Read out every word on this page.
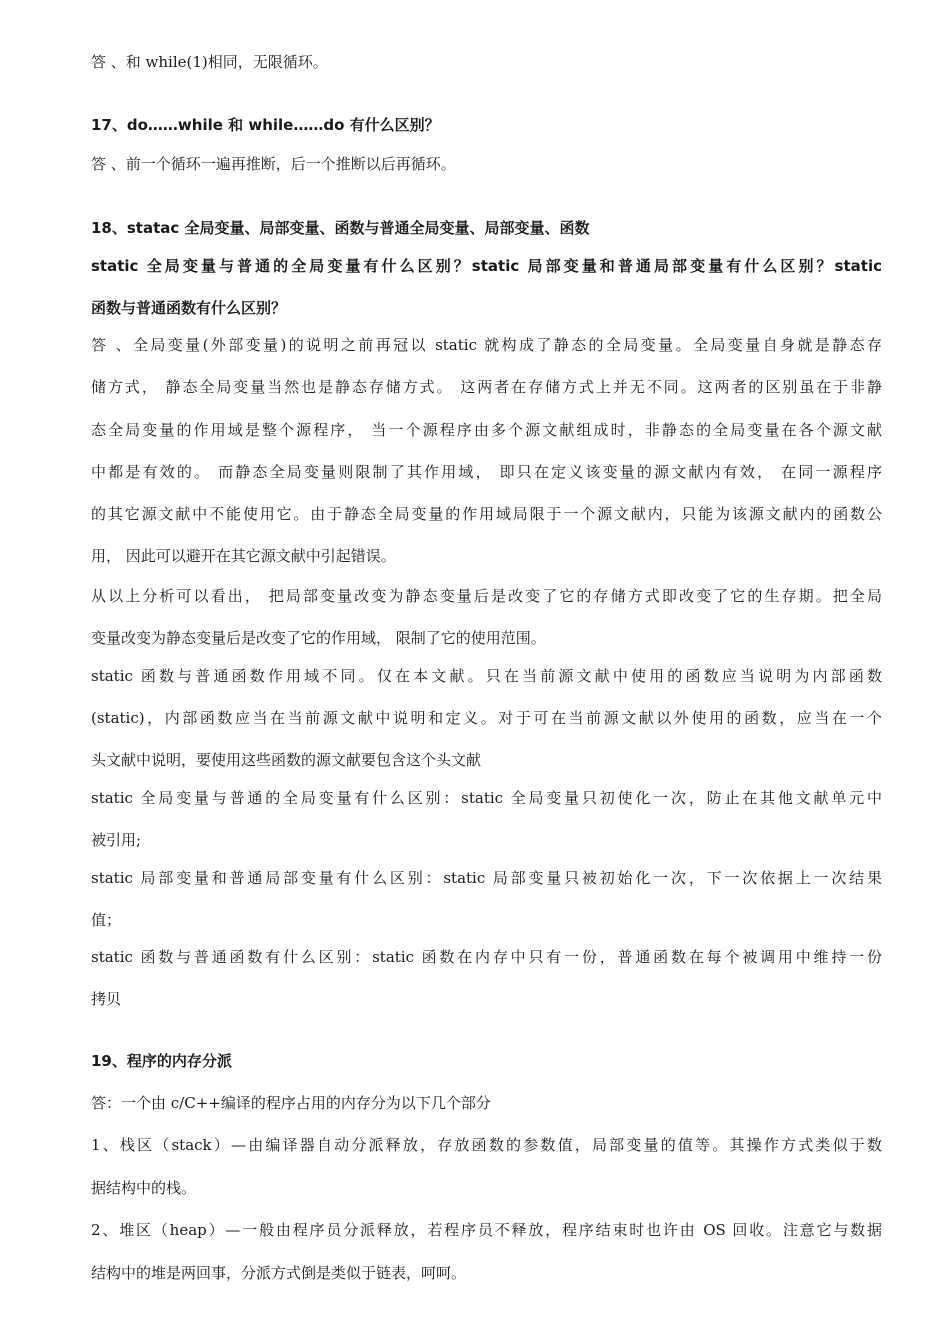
答 、和 while(1)相同，无限循环。
17、do……while 和 while……do 有什么区别？
答 、前一个循环一遍再推断，后一个推断以后再循环。
18、statac 全局变量、局部变量、函数与普通全局变量、局部变量、函数
static 全局变量与普通的全局变量有什么区别？static 局部变量和普通局部变量有什么区别？static
函数与普通函数有什么区别？
答 、全局变量(外部变量)的说明之前再冠以 static 就构成了静态的全局变量。全局变量自身就是静态存
储方式， 静态全局变量当然也是静态存储方式。 这两者在存储方式上并无不同。这两者的区别虽在于非静
态全局变量的作用域是整个源程序， 当一个源程序由多个源文献组成时，非静态的全局变量在各个源文献
中都是有效的。 而静态全局变量则限制了其作用域， 即只在定义该变量的源文献内有效， 在同一源程序
的其它源文献中不能使用它。由于静态全局变量的作用域局限于一个源文献内，只能为该源文献内的函数公
用， 因此可以避开在其它源文献中引起错误。
从以上分析可以看出， 把局部变量改变为静态变量后是改变了它的存储方式即改变了它的生存期。把全局
变量改变为静态变量后是改变了它的作用域， 限制了它的使用范围。
static 函数与普通函数作用域不同。仅在本文献。只在当前源文献中使用的函数应当说明为内部函数
(static)，内部函数应当在当前源文献中说明和定义。对于可在当前源文献以外使用的函数，应当在一个
头文献中说明，要使用这些函数的源文献要包含这个头文献
static 全局变量与普通的全局变量有什么区别：static 全局变量只初使化一次，防止在其他文献单元中
被引用;
static 局部变量和普通局部变量有什么区别：static 局部变量只被初始化一次，下一次依据上一次结果
值；
static 函数与普通函数有什么区别：static 函数在内存中只有一份，普通函数在每个被调用中维持一份
拷贝
19、程序的内存分派
答：一个由 c/C++编译的程序占用的内存分为以下几个部分
1、栈区（stack）—由编译器自动分派释放，存放函数的参数值，局部变量的值等。其操作方式类似于数
据结构中的栈。
2、堆区（heap）—一般由程序员分派释放，若程序员不释放，程序结束时也许由 OS 回收。注意它与数据
结构中的堆是两回事，分派方式倒是类似于链表，呵呵。
